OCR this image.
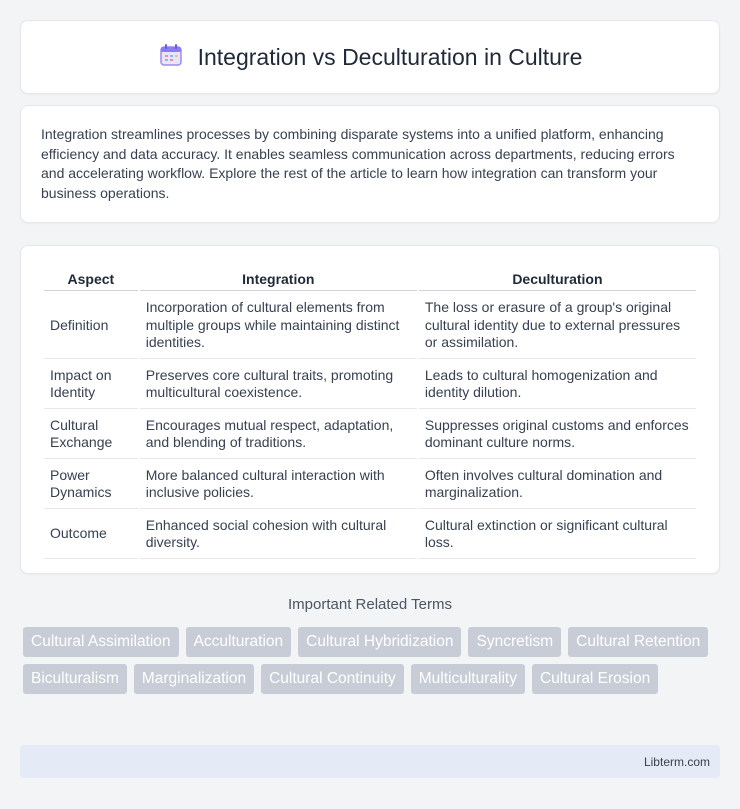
Integration vs Deculturation in Culture

Integration streamlines processes by combining disparate systems into a unified platform, enhancing efficiency and data accuracy. It enables seamless communication across departments, reducing errors and accelerating workflow. Explore the rest of the article to learn how integration can transform your business operations.

Aspect	Integration	Deculturation
Definition	Incorporation of cultural elements from multiple groups while maintaining distinct identities.	The loss or erasure of a group's original cultural identity due to external pressures or assimilation.
Impact on Identity	Preserves core cultural traits, promoting multicultural coexistence.	Leads to cultural homogenization and identity dilution.
Cultural Exchange	Encourages mutual respect, adaptation, and blending of traditions.	Suppresses original customs and enforces dominant culture norms.
Power Dynamics	More balanced cultural interaction with inclusive policies.	Often involves cultural domination and marginalization.
Outcome	Enhanced social cohesion with cultural diversity.	Cultural extinction or significant cultural loss.
Important Related Terms
Cultural Assimilation	Acculturation	Cultural Hybridization	Syncretism	Cultural Retention
Biculturalism	Marginalization	Cultural Continuity	Multiculturality	Cultural Erosion
Libterm.com
